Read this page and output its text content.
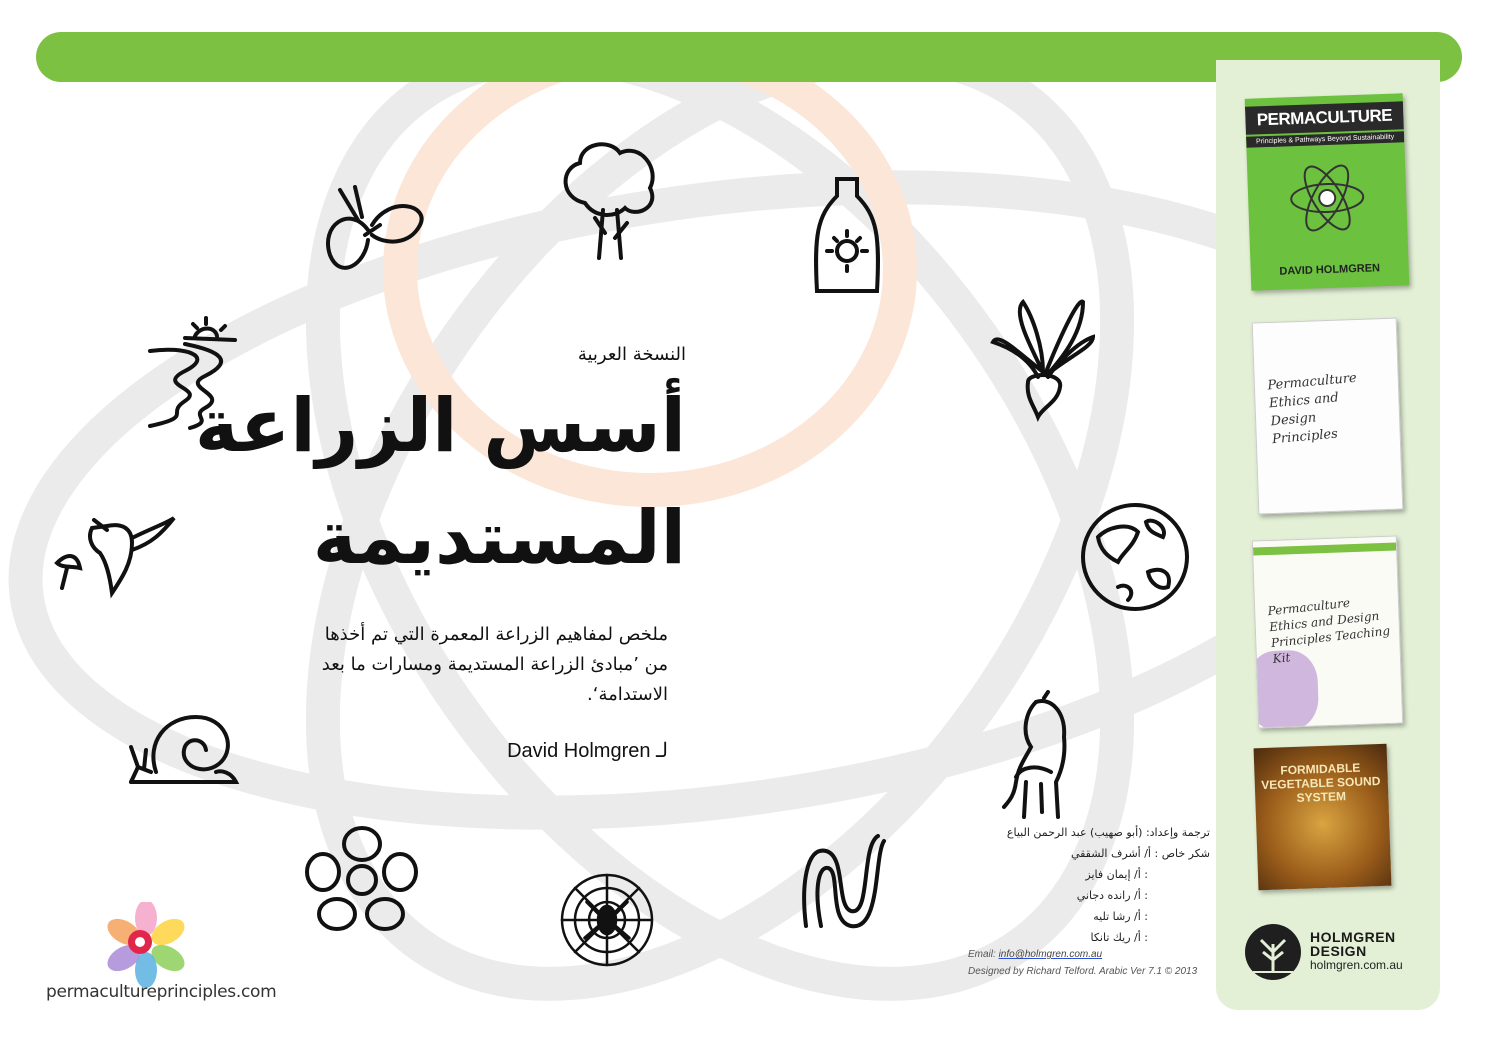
النسخة العربية
أسس الزراعة
المستديمة
ملخص لمفاهيم الزراعة المعمرة التي تم أخذها
من ’مبادئ الزراعة المستديمة ومسارات ما بعد
الاستدامة‘.
لـ David Holmgren
ترجمة وإعداد: (أبو صهيب) عبد الرحمن البياع
شكر خاص : أ/ أشرف الشققي
: أ/ إيمان فايز
: أ/ رانده دجاني
: أ/ رشا تليه
: أ/ ريك تانكا
Email: info@holmgren.com.au
Designed by Richard Telford. Arabic Ver 7.1 © 2013
permacultureprinciples.com
PERMACULTURE
Principles & Pathways Beyond Sustainability
DAVID HOLMGREN
Permaculture Ethics and Design Principles
Permaculture Ethics and Design Principles Teaching Kit
FORMIDABLE VEGETABLE SOUND SYSTEM
HOLMGREN
DESIGN
holmgren.com.au
